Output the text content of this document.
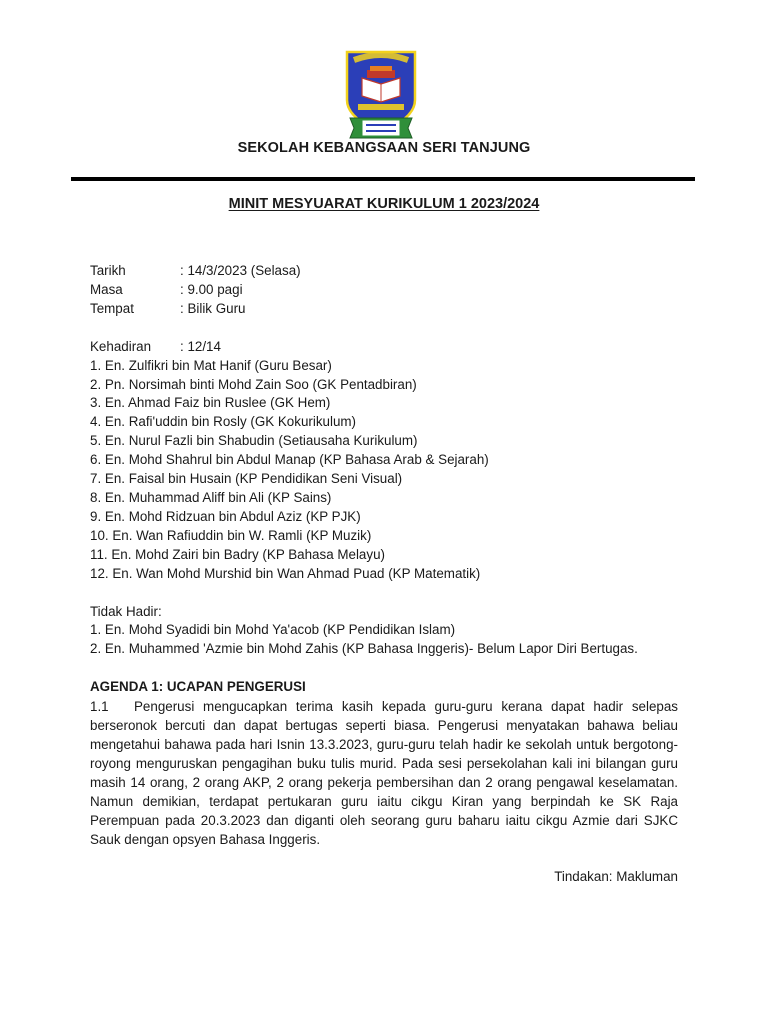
SEKOLAH KEBANGSAAN SERI TANJUNG
MINIT MESYUARAT KURIKULUM 1 2023/2024
Tarikh	: 14/3/2023 (Selasa)
Masa	: 9.00 pagi
Tempat	: Bilik Guru
Kehadiran	: 12/14
1. En. Zulfikri bin Mat Hanif (Guru Besar)
2. Pn. Norsimah binti Mohd Zain Soo (GK Pentadbiran)
3. En. Ahmad Faiz bin Ruslee (GK Hem)
4. En. Rafi'uddin bin Rosly (GK Kokurikulum)
5. En. Nurul Fazli bin Shabudin (Setiausaha Kurikulum)
6. En. Mohd Shahrul bin Abdul Manap (KP Bahasa Arab & Sejarah)
7. En. Faisal bin Husain (KP Pendidikan Seni Visual)
8. En. Muhammad Aliff bin Ali (KP Sains)
9. En. Mohd Ridzuan bin Abdul Aziz (KP PJK)
10. En. Wan Rafiuddin bin W. Ramli (KP Muzik)
11. En. Mohd Zairi bin Badry (KP Bahasa Melayu)
12. En. Wan Mohd Murshid bin Wan Ahmad Puad (KP Matematik)
Tidak Hadir:
1. En. Mohd Syadidi bin Mohd Ya'acob (KP Pendidikan Islam)
2. En. Muhammed 'Azmie bin Mohd Zahis (KP Bahasa Inggeris)- Belum Lapor Diri Bertugas.
AGENDA 1: UCAPAN PENGERUSI
1.1 Pengerusi mengucapkan terima kasih kepada guru-guru kerana dapat hadir selepas berseronok bercuti dan dapat bertugas seperti biasa. Pengerusi menyatakan bahawa beliau mengetahui bahawa pada hari Isnin 13.3.2023, guru-guru telah hadir ke sekolah untuk bergotong-royong menguruskan pengagihan buku tulis murid. Pada sesi persekolahan kali ini bilangan guru masih 14 orang, 2 orang AKP, 2 orang pekerja pembersihan dan 2 orang pengawal keselamatan. Namun demikian, terdapat pertukaran guru iaitu cikgu Kiran yang berpindah ke SK Raja Perempuan pada 20.3.2023 dan diganti oleh seorang guru baharu iaitu cikgu Azmie dari SJKC Sauk dengan opsyen Bahasa Inggeris.
Tindakan: Makluman
